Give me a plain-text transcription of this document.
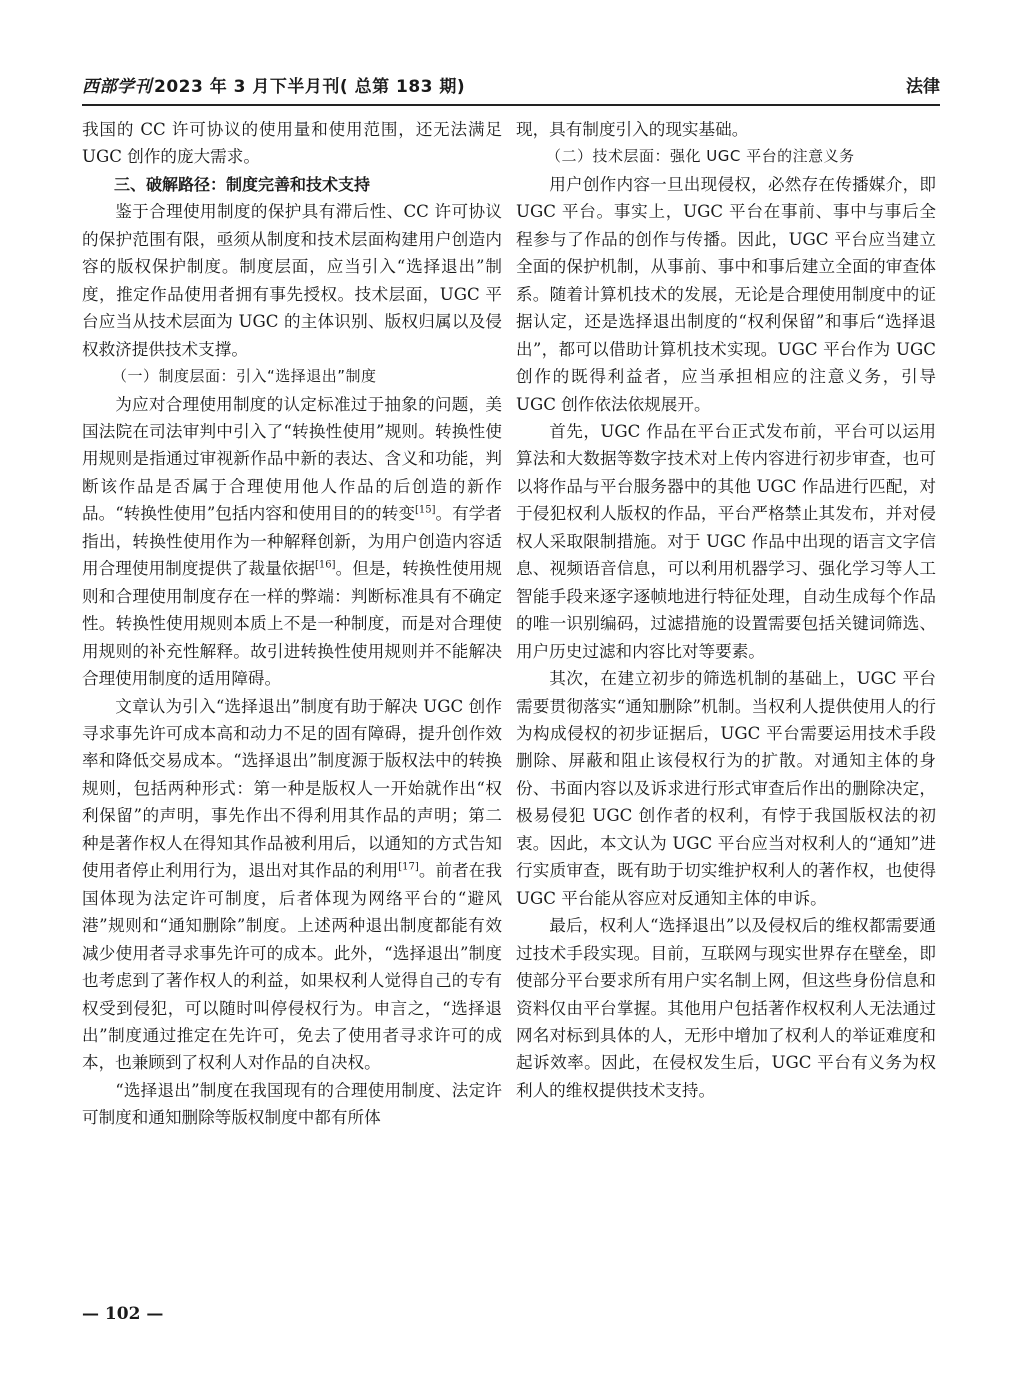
西部学刊 2023 年 3 月下半月刊( 总第 183 期)	法律

我国的 CC 许可协议的使用量和使用范围，还无法满足 UGC 创作的庞大需求。

三、破解路径：制度完善和技术支持

鉴于合理使用制度的保护具有滞后性、CC 许可协议的保护范围有限，亟须从制度和技术层面构建用户创造内容的版权保护制度。制度层面，应当引入“选择退出”制度，推定作品使用者拥有事先授权。技术层面，UGC 平台应当从技术层面为 UGC 的主体识别、版权归属以及侵权救济提供技术支撑。

（一）制度层面：引入“选择退出”制度

为应对合理使用制度的认定标准过于抽象的问题，美国法院在司法审判中引入了“转换性使用”规则。转换性使用规则是指通过审视新作品中新的表达、含义和功能，判断该作品是否属于合理使用他人作品的后创造的新作品。“转换性使用”包括内容和使用目的的转变[15]。有学者指出，转换性使用作为一种解释创新，为用户创造内容适用合理使用制度提供了裁量依据[16]。但是，转换性使用规则和合理使用制度存在一样的弊端：判断标准具有不确定性。转换性使用规则本质上不是一种制度，而是对合理使用规则的补充性解释。故引进转换性使用规则并不能解决合理使用制度的适用障碍。

文章认为引入“选择退出”制度有助于解决 UGC 创作寻求事先许可成本高和动力不足的固有障碍，提升创作效率和降低交易成本。“选择退出”制度源于版权法中的转换规则，包括两种形式：第一种是版权人一开始就作出“权利保留”的声明，事先作出不得利用其作品的声明；第二种是著作权人在得知其作品被利用后，以通知的方式告知使用者停止利用行为，退出对其作品的利用[17]。前者在我国体现为法定许可制度，后者体现为网络平台的“避风港”规则和“通知删除”制度。上述两种退出制度都能有效减少使用者寻求事先许可的成本。此外，“选择退出”制度也考虑到了著作权人的利益，如果权利人觉得自己的专有权受到侵犯，可以随时叫停侵权行为。申言之，“选择退出”制度通过推定在先许可，免去了使用者寻求许可的成本，也兼顾到了权利人对作品的自决权。

“选择退出”制度在我国现有的合理使用制度、法定许可制度和通知删除等版权制度中都有所体

现，具有制度引入的现实基础。

（二）技术层面：强化 UGC 平台的注意义务

用户创作内容一旦出现侵权，必然存在传播媒介，即 UGC 平台。事实上，UGC 平台在事前、事中与事后全程参与了作品的创作与传播。因此，UGC 平台应当建立全面的保护机制，从事前、事中和事后建立全面的审查体系。随着计算机技术的发展，无论是合理使用制度中的证据认定，还是选择退出制度的“权利保留”和事后“选择退出”，都可以借助计算机技术实现。UGC 平台作为 UGC 创作的既得利益者，应当承担相应的注意义务，引导 UGC 创作依法依规展开。

首先，UGC 作品在平台正式发布前，平台可以运用算法和大数据等数字技术对上传内容进行初步审查，也可以将作品与平台服务器中的其他 UGC 作品进行匹配，对于侵犯权利人版权的作品，平台严格禁止其发布，并对侵权人采取限制措施。对于 UGC 作品中出现的语言文字信息、视频语音信息，可以利用机器学习、强化学习等人工智能手段来逐字逐帧地进行特征处理，自动生成每个作品的唯一识别编码，过滤措施的设置需要包括关键词筛选、用户历史过滤和内容比对等要素。

其次，在建立初步的筛选机制的基础上，UGC 平台需要贯彻落实“通知删除”机制。当权利人提供使用人的行为构成侵权的初步证据后，UGC 平台需要运用技术手段删除、屏蔽和阻止该侵权行为的扩散。对通知主体的身份、书面内容以及诉求进行形式审查后作出的删除决定，极易侵犯 UGC 创作者的权利，有悖于我国版权法的初衷。因此，本文认为 UGC 平台应当对权利人的“通知”进行实质审查，既有助于切实维护权利人的著作权，也使得 UGC 平台能从容应对反通知主体的申诉。

最后，权利人“选择退出”以及侵权后的维权都需要通过技术手段实现。目前，互联网与现实世界存在壁垒，即使部分平台要求所有用户实名制上网，但这些身份信息和资料仅由平台掌握。其他用户包括著作权权利人无法通过网名对标到具体的人，无形中增加了权利人的举证难度和起诉效率。因此，在侵权发生后，UGC 平台有义务为权利人的维权提供技术支持。

— 102 —
